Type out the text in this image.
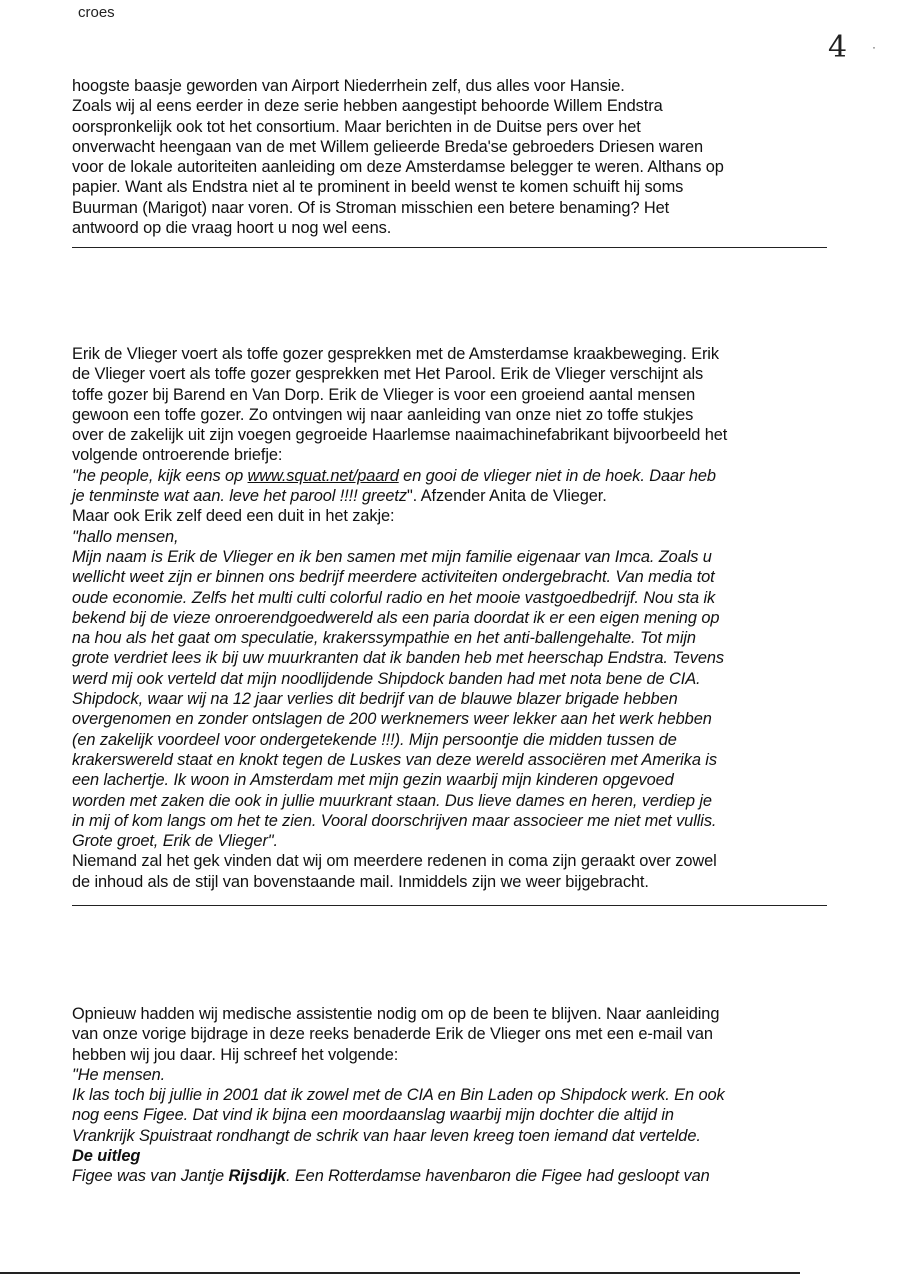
croes
4 ·

hoogste baasje geworden van Airport Niederrhein zelf, dus alles voor Hansie.

Zoals wij al eens eerder in deze serie hebben aangestipt behoorde Willem Endstra

oorspronkelijk ook tot het consortium. Maar berichten in de Duitse pers over het

onverwacht heengaan van de met Willem gelieerde Breda'se gebroeders Driesen waren

voor de lokale autoriteiten aanleiding om deze Amsterdamse belegger te weren. Althans op

papier. Want als Endstra niet al te prominent in beeld wenst te komen schuift hij soms

Buurman (Marigot) naar voren. Of is Stroman misschien een betere benaming? Het

antwoord op die vraag hoort u nog wel eens.

Erik de Vlieger voert als toffe gozer gesprekken met de Amsterdamse kraakbeweging. Erik

de Vlieger voert als toffe gozer gesprekken met Het Parool. Erik de Vlieger verschijnt als

toffe gozer bij Barend en Van Dorp. Erik de Vlieger is voor een groeiend aantal mensen

gewoon een toffe gozer. Zo ontvingen wij naar aanleiding van onze niet zo toffe stukjes

over de zakelijk uit zijn voegen gegroeide Haarlemse naaimachinefabrikant bijvoorbeeld het

volgende ontroerende briefje:

"he people, kijk eens op www.squat.net/paard en gooi de vlieger niet in de hoek. Daar heb

je tenminste wat aan. leve het parool !!!! greetz". Afzender Anita de Vlieger.

Maar ook Erik zelf deed een duit in het zakje:

"hallo mensen,

Mijn naam is Erik de Vlieger en ik ben samen met mijn familie eigenaar van Imca. Zoals u

wellicht weet zijn er binnen ons bedrijf meerdere activiteiten ondergebracht. Van media tot

oude economie. Zelfs het multi culti colorful radio en het mooie vastgoedbedrijf. Nou sta ik

bekend bij de vieze onroerendgoedwereld als een paria doordat ik er een eigen mening op

na hou als het gaat om speculatie, krakerssympathie en het anti-ballengehalte. Tot mijn

grote verdriet lees ik bij uw muurkranten dat ik banden heb met heerschap Endstra. Tevens

werd mij ook verteld dat mijn noodlijdende Shipdock banden had met nota bene de CIA.

Shipdock, waar wij na 12 jaar verlies dit bedrijf van de blauwe blazer brigade hebben

overgenomen en zonder ontslagen de 200 werknemers weer lekker aan het werk hebben

(en zakelijk voordeel voor ondergetekende !!!). Mijn persoontje die midden tussen de

krakerswereld staat en knokt tegen de Luskes van deze wereld associëren met Amerika is

een lachertje. Ik woon in Amsterdam met mijn gezin waarbij mijn kinderen opgevoed

worden met zaken die ook in jullie muurkrant staan. Dus lieve dames en heren, verdiep je

in mij of kom langs om het te zien. Vooral doorschrijven maar associeer me niet met vullis.

Grote groet, Erik de Vlieger".

Niemand zal het gek vinden dat wij om meerdere redenen in coma zijn geraakt over zowel

de inhoud als de stijl van bovenstaande mail. Inmiddels zijn we weer bijgebracht.

Opnieuw hadden wij medische assistentie nodig om op de been te blijven. Naar aanleiding

van onze vorige bijdrage in deze reeks benaderde Erik de Vlieger ons met een e-mail van

hebben wij jou daar. Hij schreef het volgende:

"He mensen.

Ik las toch bij jullie in 2001 dat ik zowel met de CIA en Bin Laden op Shipdock werk. En ook

nog eens Figee. Dat vind ik bijna een moordaanslag waarbij mijn dochter die altijd in

Vrankrijk Spuistraat rondhangt de schrik van haar leven kreeg toen iemand dat vertelde.

De uitleg

Figee was van Jantje Rijsdijk. Een Rotterdamse havenbaron die Figee had gesloopt van
